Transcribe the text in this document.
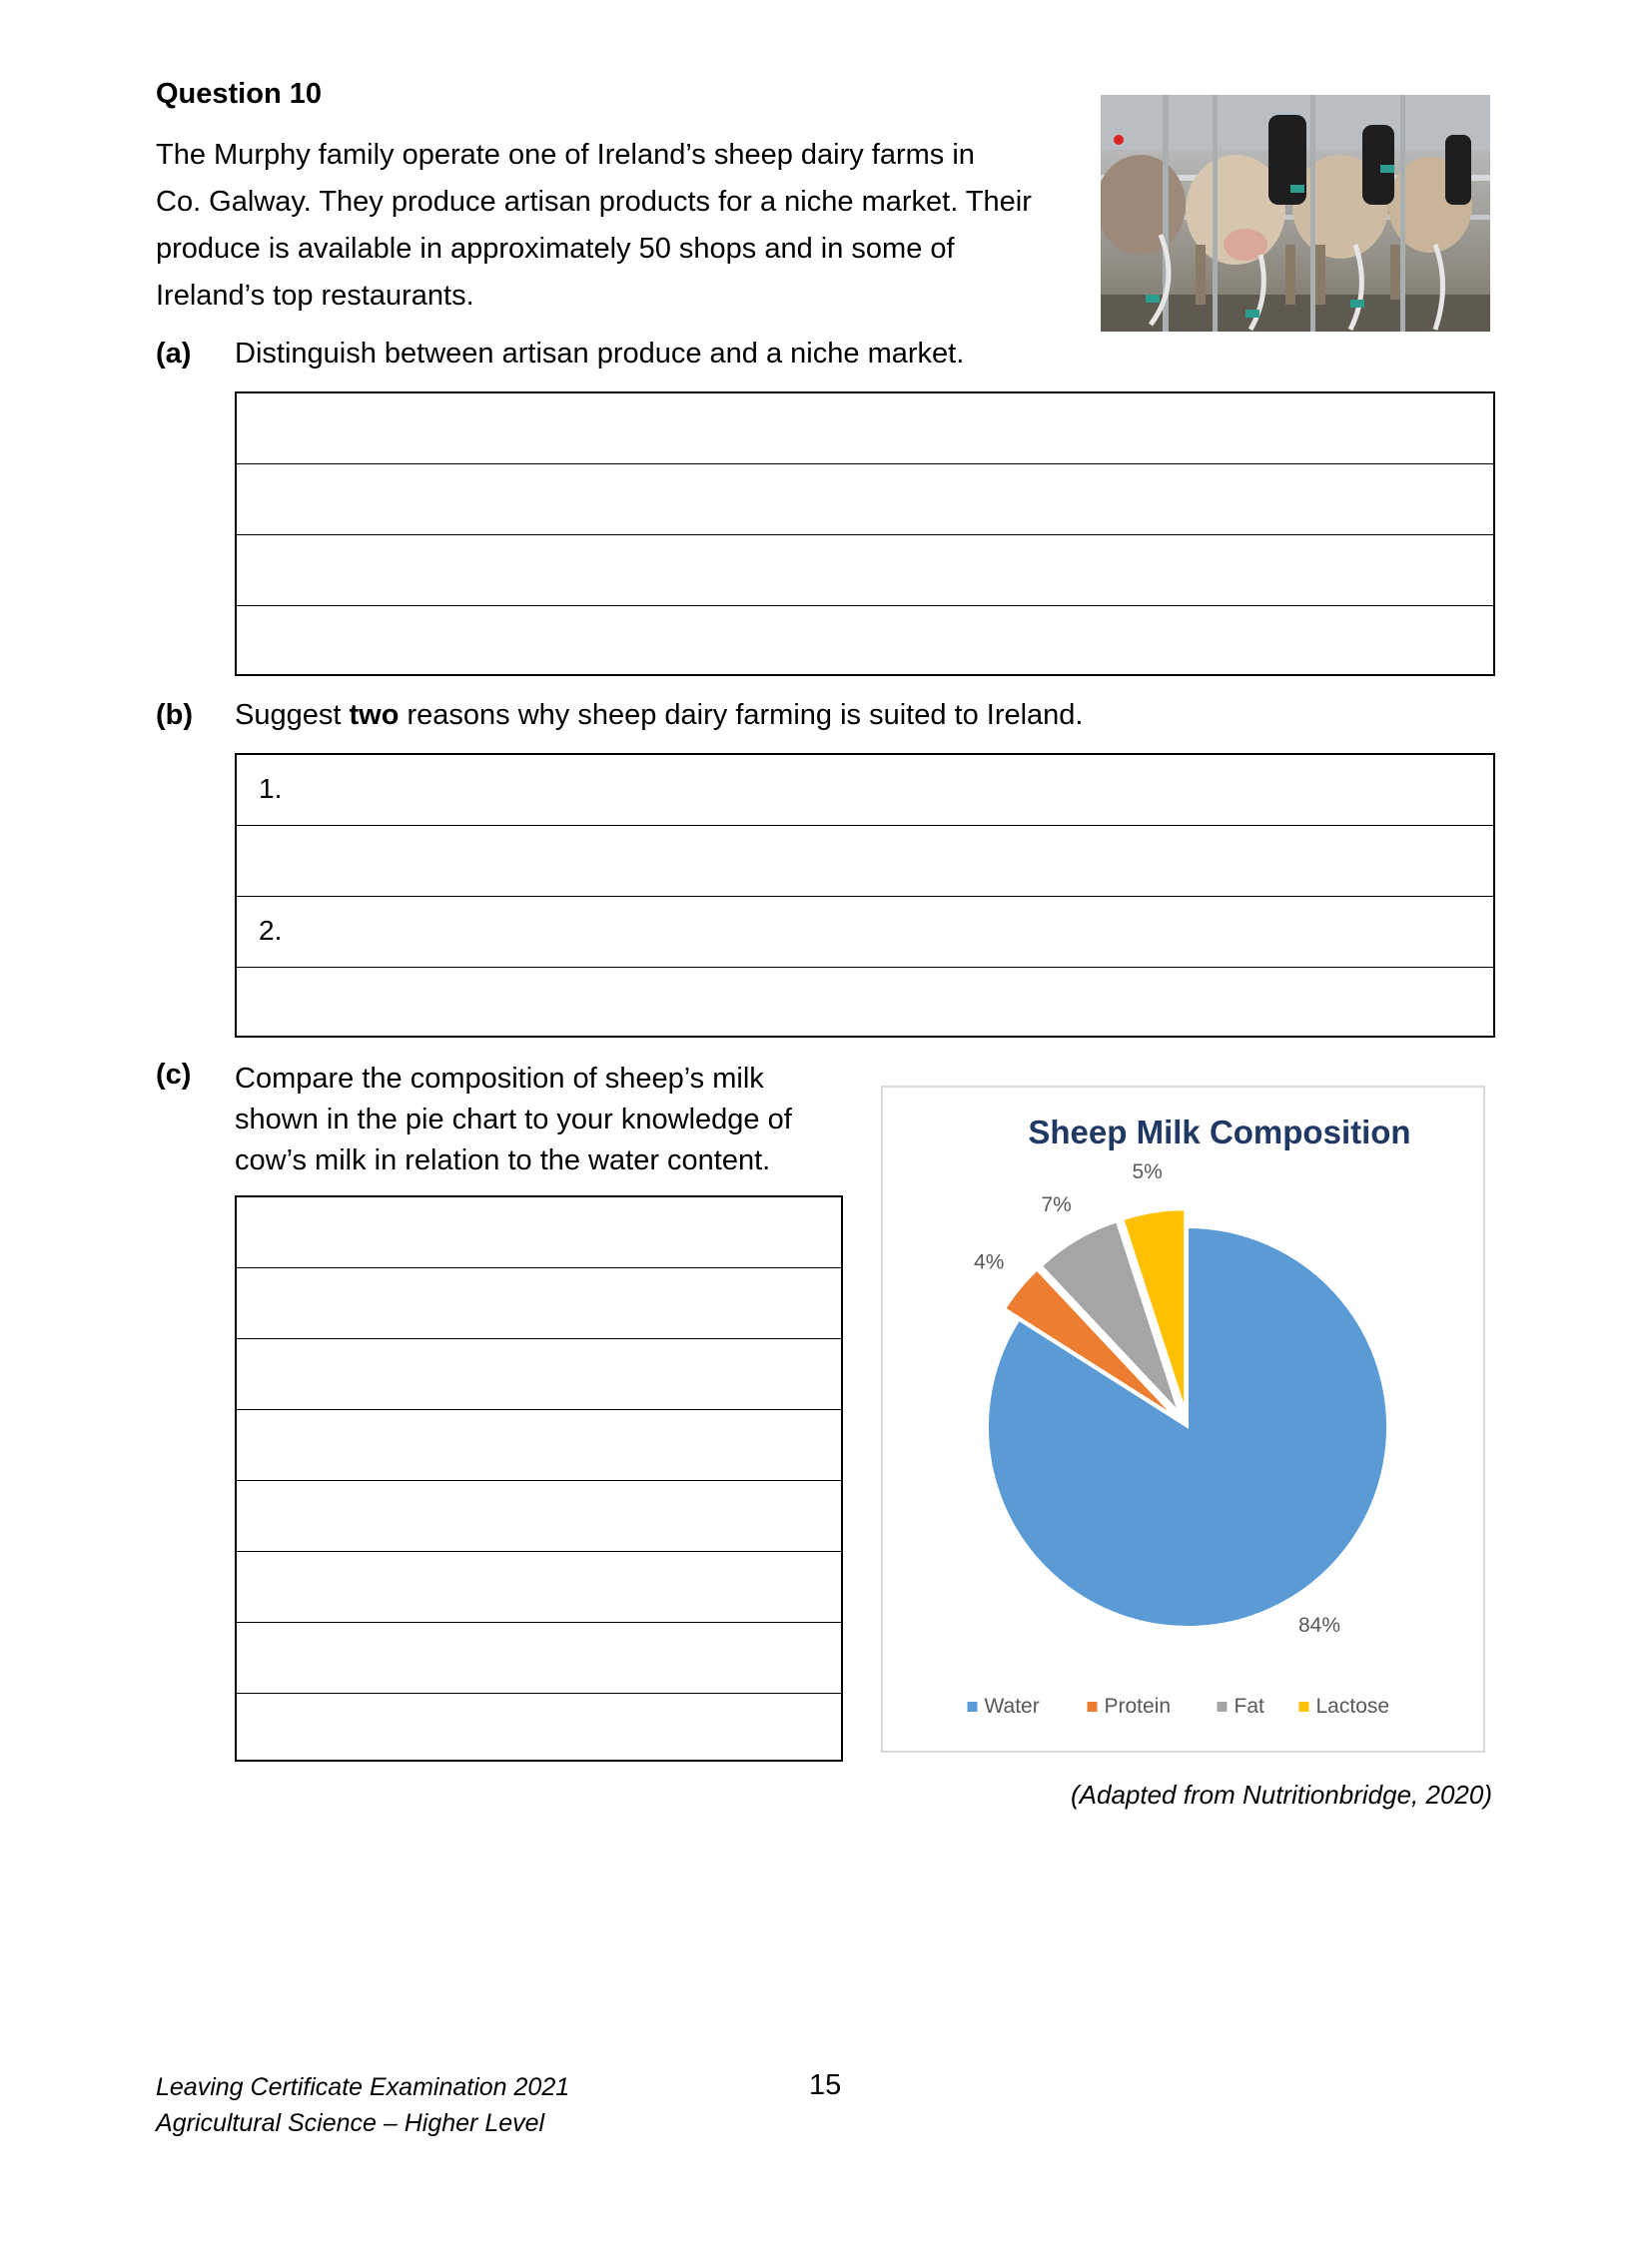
Question 10

The Murphy family operate one of Ireland’s sheep dairy farms in

Co. Galway. They produce artisan products for a niche market. Their

produce is available in approximately 50 shops and in some of

Ireland’s top restaurants.

(a) Distinguish between artisan produce and a niche market.
(b) Suggest two reasons why sheep dairy farming is suited to Ireland.
1.
2.
(c) Compare the composition of sheep’s milk
shown in the pie chart to your knowledge of
cow’s milk in relation to the water content.
Sheep Milk Composition
84%
4%
7%
5%
Water	Protein	Fat Lactose
(Adapted from Nutritionbridge, 2020)
Leaving Certificate Examination 2021
Agricultural Science – Higher Level
15
